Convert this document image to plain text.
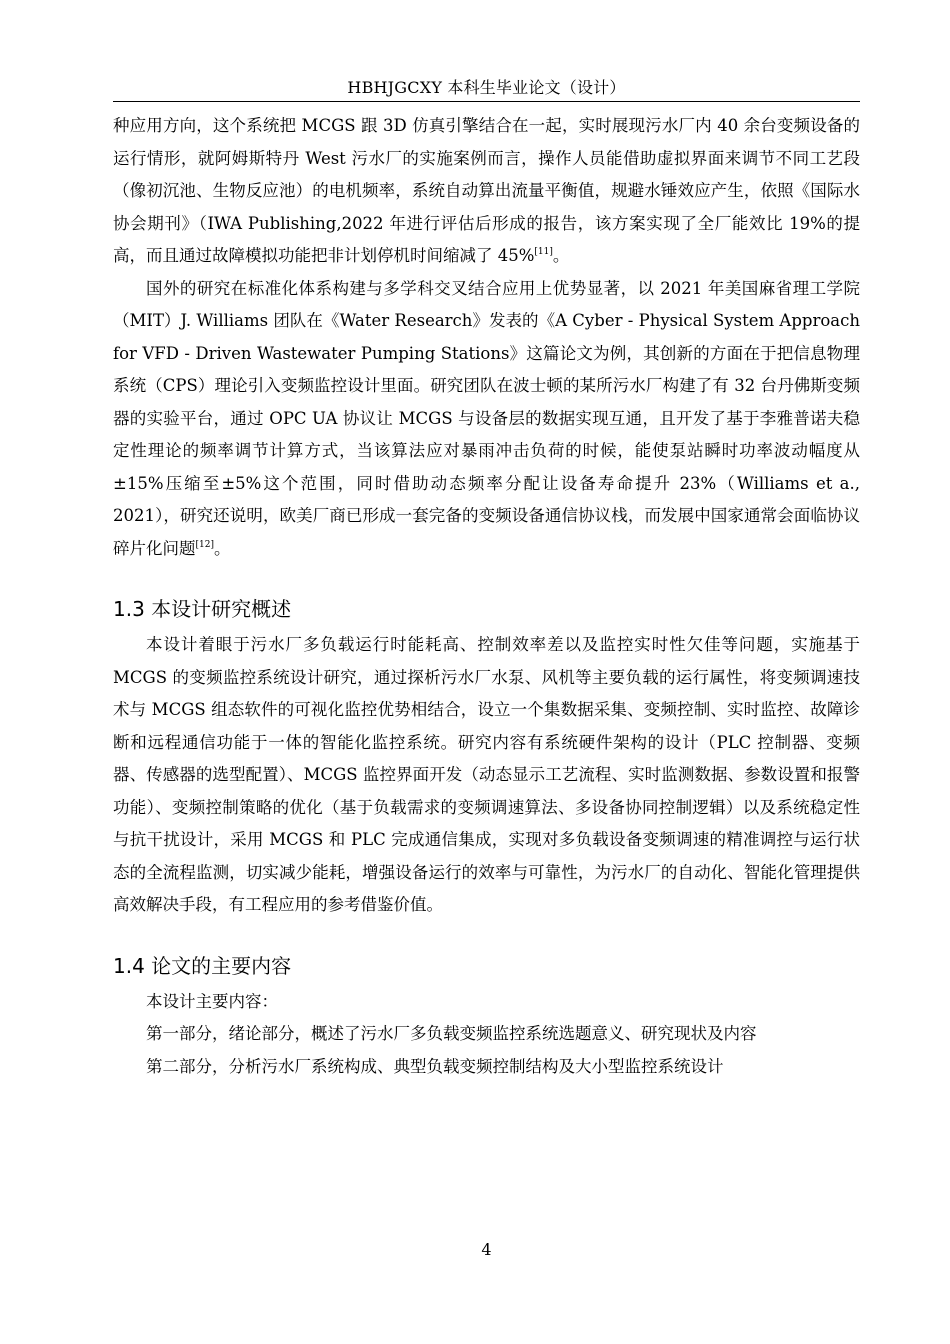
HBHJGCXY 本科生毕业论文（设计）

种应用方向，这个系统把 MCGS 跟 3D 仿真引擎结合在一起，实时展现污水厂内 40 余台变频设备的运行情形，就阿姆斯特丹 West 污水厂的实施案例而言，操作人员能借助虚拟界面来调节不同工艺段（像初沉池、生物反应池）的电机频率，系统自动算出流量平衡值，规避水锤效应产生，依照《国际水协会期刊》（IWA Publishing,2022 年进行评估后形成的报告，该方案实现了全厂能效比 19%的提高，而且通过故障模拟功能把非计划停机时间缩减了 45%[11]。

国外的研究在标准化体系构建与多学科交叉结合应用上优势显著，以 2021 年美国麻省理工学院（MIT）J. Williams 团队在《Water Research》发表的《A Cyber - Physical System Approach for VFD - Driven Wastewater Pumping Stations》这篇论文为例，其创新的方面在于把信息物理系统（CPS）理论引入变频监控设计里面。研究团队在波士顿的某所污水厂构建了有 32 台丹佛斯变频器的实验平台，通过 OPC UA 协议让 MCGS 与设备层的数据实现互通，且开发了基于李雅普诺夫稳定性理论的频率调节计算方式，当该算法应对暴雨冲击负荷的时候，能使泵站瞬时功率波动幅度从±15%压缩至±5%这个范围，同时借助动态频率分配让设备寿命提升 23%（Williams et a., 2021），研究还说明，欧美厂商已形成一套完备的变频设备通信协议栈，而发展中国家通常会面临协议碎片化问题[12]。

1.3 本设计研究概述

本设计着眼于污水厂多负载运行时能耗高、控制效率差以及监控实时性欠佳等问题，实施基于 MCGS 的变频监控系统设计研究，通过探析污水厂水泵、风机等主要负载的运行属性，将变频调速技术与 MCGS 组态软件的可视化监控优势相结合，设立一个集数据采集、变频控制、实时监控、故障诊断和远程通信功能于一体的智能化监控系统。研究内容有系统硬件架构的设计（PLC 控制器、变频器、传感器的选型配置）、MCGS 监控界面开发（动态显示工艺流程、实时监测数据、参数设置和报警功能）、变频控制策略的优化（基于负载需求的变频调速算法、多设备协同控制逻辑）以及系统稳定性与抗干扰设计，采用 MCGS 和 PLC 完成通信集成，实现对多负载设备变频调速的精准调控与运行状态的全流程监测，切实减少能耗，增强设备运行的效率与可靠性，为污水厂的自动化、智能化管理提供高效解决手段，有工程应用的参考借鉴价值。

1.4 论文的主要内容

本设计主要内容：

第一部分，绪论部分，概述了污水厂多负载变频监控系统选题意义、研究现状及内容

第二部分，分析污水厂系统构成、典型负载变频控制结构及大小型监控系统设计

4
